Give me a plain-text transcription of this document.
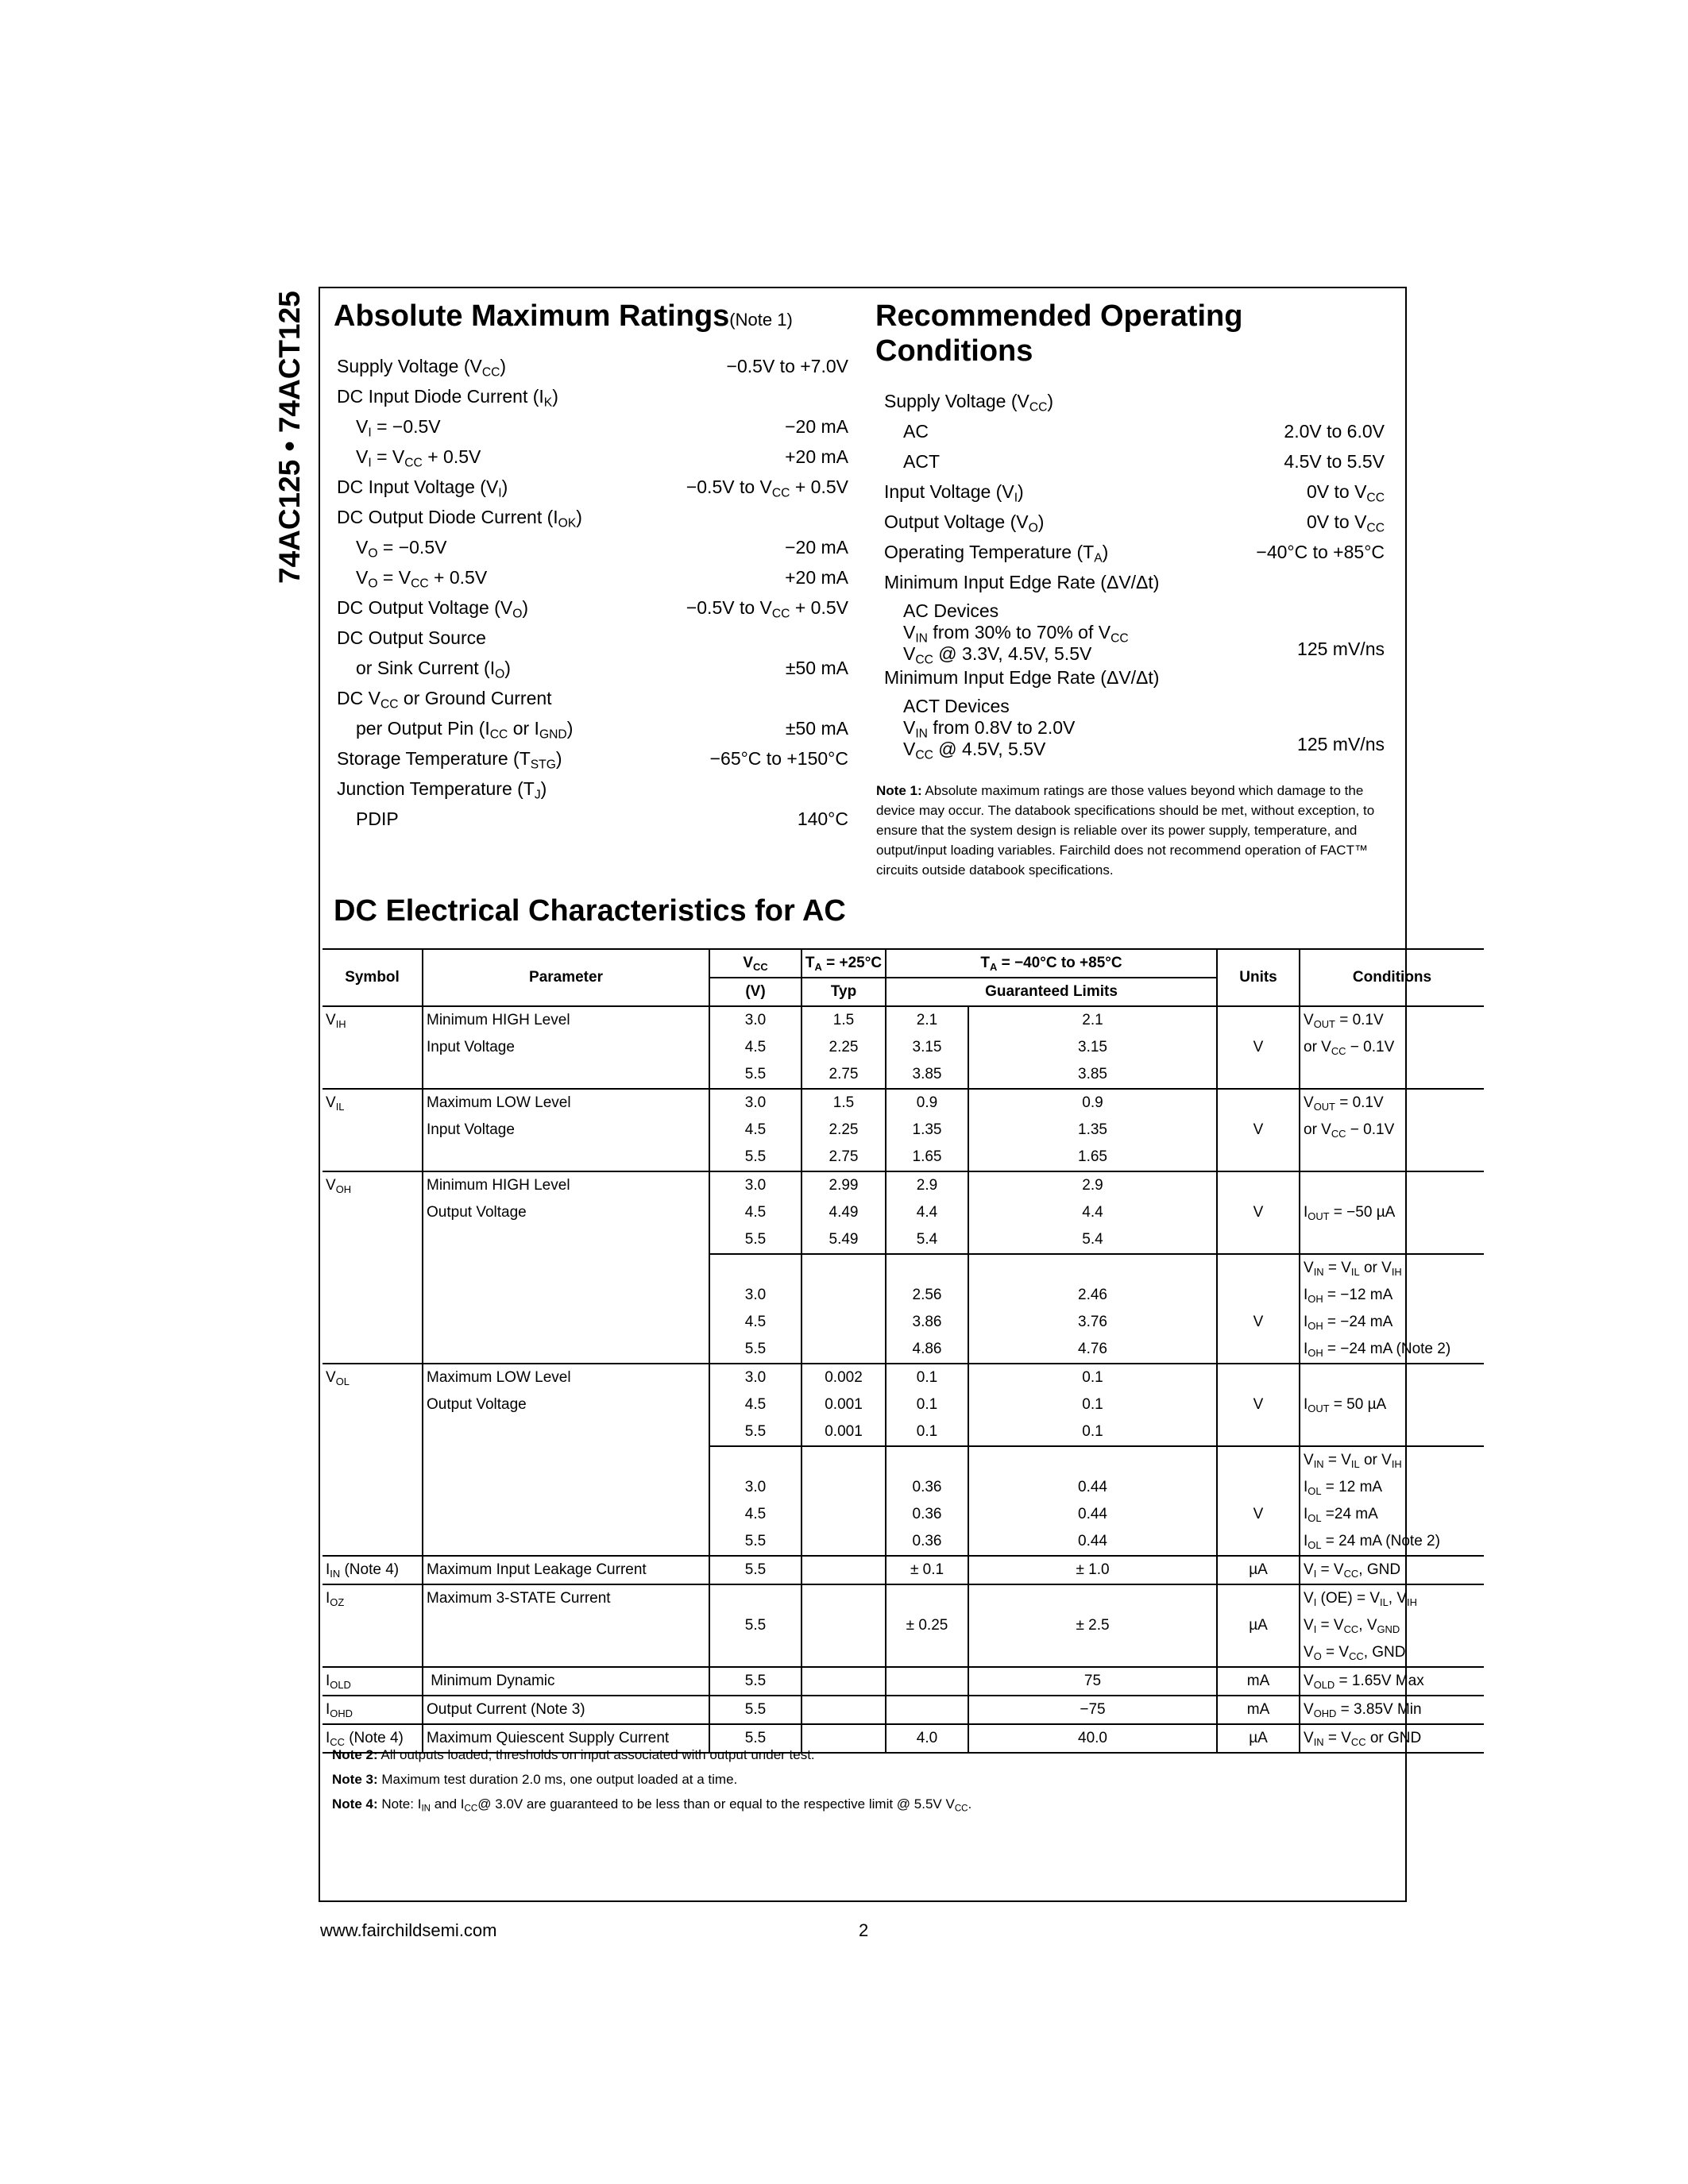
74AC125 • 74ACT125 Absolute Maximum Ratings(Note 1)
Supply Voltage $(V_{CC})$	−0.5V to +7.0V
DC Input Diode Current $(I_K)$
$V_I = -0.5V$	−20 mA
$V_I = V_{CC} + 0.5V$	+20 mA
DC Input Voltage $(V_I)$	−0.5V to $V_{CC} + 0.5V$
DC Output Diode Current $(I_{OK})$
$V_O = -0.5V$	−20 mA
$V_O = V_{CC} + 0.5V$	+20 mA
DC Output Voltage $(V_O)$	−0.5V to $V_{CC} + 0.5V$
DC Output Source
or Sink Current $(I_O)$	±50 mA
DC $V_{CC}$ or Ground Current
per Output Pin ($I_{CC}$ or $I_{GND}$)	±50 mA
Storage Temperature $(T_{STG})$	−65°C to +150°C
Junction Temperature $(T_J)$
PDIP	140°C
Recommended Operating
Conditions
Supply Voltage $(V_{CC})$
AC	2.0V to 6.0V
ACT	4.5V to 5.5V
Input Voltage $(V_I)$	0V to $V_{CC}$
Output Voltage $(V_O)$	0V to $V_{CC}$
Operating Temperature $(T_A)$	−40°C to +85°C
Minimum Input Edge Rate (ΔV/Δt)
AC Devices
$V_{IN}$ from 30% to 70% of $V_{CC}$
$V_{CC}$ @ 3.3V, 4.5V, 5.5V	125 mV/ns
Minimum Input Edge Rate (ΔV/Δt)
ACT Devices
$V_{IN}$ from 0.8V to 2.0V
$V_{CC}$ @ 4.5V, 5.5V	125 mV/ns

Note 1: Absolute maximum ratings are those values beyond which damage to the device may occur. The databook specifications should be met, without exception, to ensure that the system design is reliable over its power supply, temperature, and output/input loading variables. Fairchild does not recommend operation of FACT™ circuits outside databook specifications.

DC Electrical Characteristics for AC
Symbol	Parameter	$V_{CC}$	$T_A = +25^\circ C$	$T_A = -40^\circ C$ to +85°C		Units	Conditions
		(V)	Typ	Guaranteed Limits			
$V_{IH}$	Minimum HIGH Level	3.0	1.5	2.1	2.1		$V_{OUT} = 0.1V$
	Input Voltage	4.5	2.25	3.15	3.15	V	or $V_{CC} - 0.1V$
		5.5	2.75	3.85	3.85		
$V_{IL}$	Maximum LOW Level	3.0	1.5	0.9	0.9		$V_{OUT} = 0.1V$
	Input Voltage	4.5	2.25	1.35	1.35	V	or $V_{CC} - 0.1V$
		5.5	2.75	1.65	1.65		
$V_{OH}$	Minimum HIGH Level	3.0	2.99	2.9	2.9		
	Output Voltage	4.5	4.49	4.4	4.4	V	$I_{OUT} = -50$ µA
		5.5	5.49	5.4	5.4		
							$V_{IN} = V_{IL}$ or $V_{IH}$
		3.0		2.56	2.46		$I_{OH} = -12$ mA
		4.5		3.86	3.76	V	$I_{OH} = -24$ mA
		5.5		4.86	4.76		$I_{OH} = -24$ mA (Note 2)
$V_{OL}$	Maximum LOW Level	3.0	0.002	0.1	0.1		
	Output Voltage	4.5	0.001	0.1	0.1	V	$I_{OUT} = 50$ µA
		5.5	0.001	0.1	0.1		
							$V_{IN} = V_{IL}$ or $V_{IH}$
		3.0		0.36	0.44		$I_{OL} = 12$ mA
		4.5		0.36	0.44	V	$I_{OL} =24$ mA
		5.5		0.36	0.44		$I_{OL} = 24$ mA (Note 2)
$I_{IN}$ (Note 4)	Maximum Input Leakage Current	5.5		± 0.1	± 1.0	µA	$V_I = V_{CC}$, GND
$I_{OZ}$	Maximum 3-STATE Current						$V_I$ $(OE) = V_{IL}$, $V_{IH}$
		5.5		± 0.25	± 2.5	µA	$V_I = V_{CC}$, $V_{GND}$
							$V_O = V_{CC}$, GND
$I_{OLD}$	Minimum Dynamic	5.5			75	mA	$V_{OLD} = 1.65V$ Max
$I_{OHD}$	Output Current (Note 3)	5.5			−75	mA	$V_{OHD} = 3.85V$ Min
$I_{CC}$ (Note 4)	Maximum Quiescent Supply Current	5.5		4.0	40.0	µA	$V_{IN} = V_{CC}$ or GND

Note 2: All outputs loaded; thresholds on input associated with output under test.

Note 3: Maximum test duration 2.0 ms, one output loaded at a time.

Note 4: Note: $I_{IN}$ and $I_{CC}@$ 3.0V are guaranteed to be less than or equal to the respective limit @ 5.5V $V_{CC}$.

www.fairchildsemi.com	2
